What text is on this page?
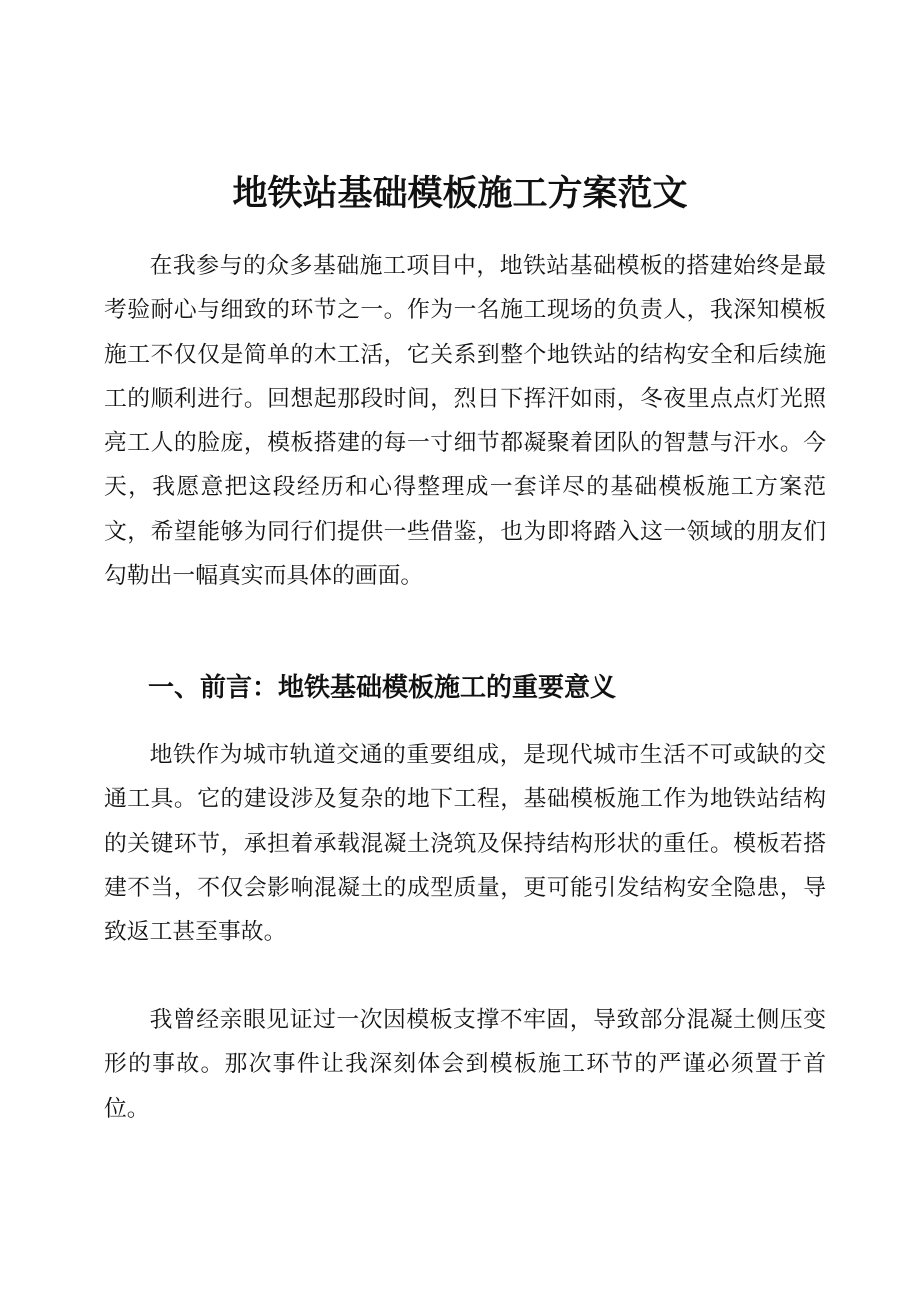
地铁站基础模板施工方案范文

在我参与的众多基础施工项目中，地铁站基础模板的搭建始终是最考验耐心与细致的环节之一。作为一名施工现场的负责人，我深知模板施工不仅仅是简单的木工活，它关系到整个地铁站的结构安全和后续施工的顺利进行。回想起那段时间，烈日下挥汗如雨，冬夜里点点灯光照亮工人的脸庞，模板搭建的每一寸细节都凝聚着团队的智慧与汗水。今天，我愿意把这段经历和心得整理成一套详尽的基础模板施工方案范文，希望能够为同行们提供一些借鉴，也为即将踏入这一领域的朋友们勾勒出一幅真实而具体的画面。

一、前言：地铁基础模板施工的重要意义

地铁作为城市轨道交通的重要组成，是现代城市生活不可或缺的交通工具。它的建设涉及复杂的地下工程，基础模板施工作为地铁站结构的关键环节，承担着承载混凝土浇筑及保持结构形状的重任。模板若搭建不当，不仅会影响混凝土的成型质量，更可能引发结构安全隐患，导致返工甚至事故。

我曾经亲眼见证过一次因模板支撑不牢固，导致部分混凝土侧压变形的事故。那次事件让我深刻体会到模板施工环节的严谨必须置于首位。
